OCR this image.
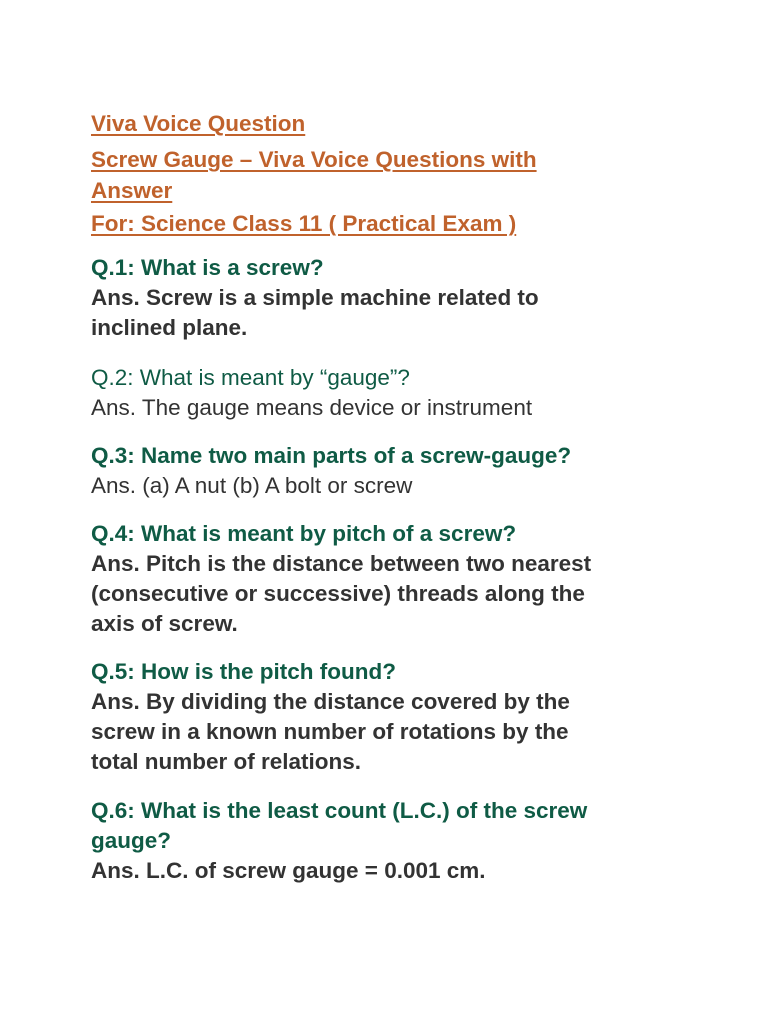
Viva Voice Question
Screw Gauge – Viva Voice Questions with
Answer
For: Science Class 11 ( Practical Exam )
Q.1: What is a screw?
Ans. Screw is a simple machine related to
inclined plane.
Q.2: What is meant by “gauge”?
Ans. The gauge means device or instrument
Q.3: Name two main parts of a screw-gauge?
Ans. (a) A nut (b) A bolt or screw
Q.4: What is meant by pitch of a screw?
Ans. Pitch is the distance between two nearest
(consecutive or successive) threads along the
axis of screw.
Q.5: How is the pitch found?
Ans. By dividing the distance covered by the
screw in a known number of rotations by the
total number of relations.
Q.6: What is the least count (L.C.) of the screw
gauge?
Ans. L.C. of screw gauge = 0.001 cm.
